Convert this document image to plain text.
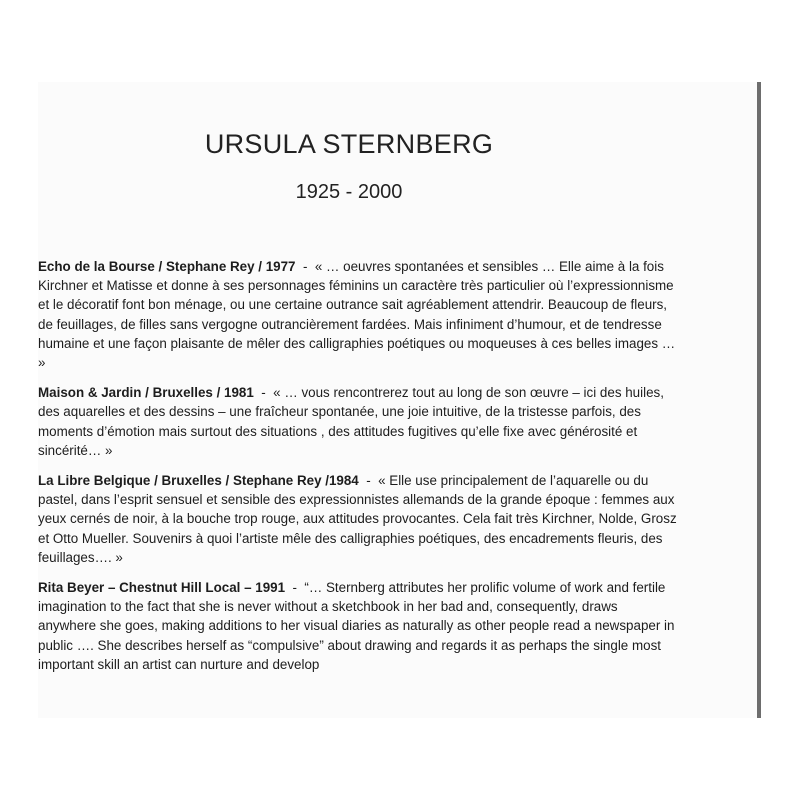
URSULA STERNBERG
1925 - 2000

Echo de la Bourse / Stephane Rey / 1977  -  « … oeuvres spontanées et sensibles … Elle aime à la fois Kirchner et Matisse et donne à ses personnages féminins un caractère très particulier où l’expressionnisme et le décoratif font bon ménage, ou une certaine outrance sait agréablement attendrir. Beaucoup de fleurs, de feuillages, de filles sans vergogne outrancièrement fardées. Mais infiniment d’humour, et de tendresse humaine et une façon plaisante de mêler des calligraphies poétiques ou moqueuses à ces belles images … »

Maison & Jardin / Bruxelles / 1981  -  « … vous rencontrerez tout au long de son œuvre – ici des huiles, des aquarelles et des dessins – une fraîcheur spontanée, une joie intuitive, de la tristesse parfois, des moments d’émotion mais surtout des situations , des attitudes fugitives qu’elle fixe avec générosité et sincérité… »

La Libre Belgique / Bruxelles / Stephane Rey /1984  -  « Elle use principalement de l’aquarelle ou du pastel, dans l’esprit sensuel et sensible des expressionnistes allemands de la grande époque : femmes aux yeux cernés de noir, à la bouche trop rouge, aux attitudes provocantes. Cela fait très Kirchner, Nolde, Grosz et Otto Mueller. Souvenirs à quoi l’artiste mêle des calligraphies poétiques, des encadrements fleuris, des feuillages…. »

Rita Beyer – Chestnut Hill Local – 1991  -  “… Sternberg attributes her prolific volume of work and fertile imagination to the fact that she is never without a sketchbook in her bad and, consequently, draws anywhere she goes, making additions to her visual diaries as naturally as other people read a newspaper in public …. She describes herself as “compulsive” about drawing and regards it as perhaps the single most important skill an artist can nurture and develop
